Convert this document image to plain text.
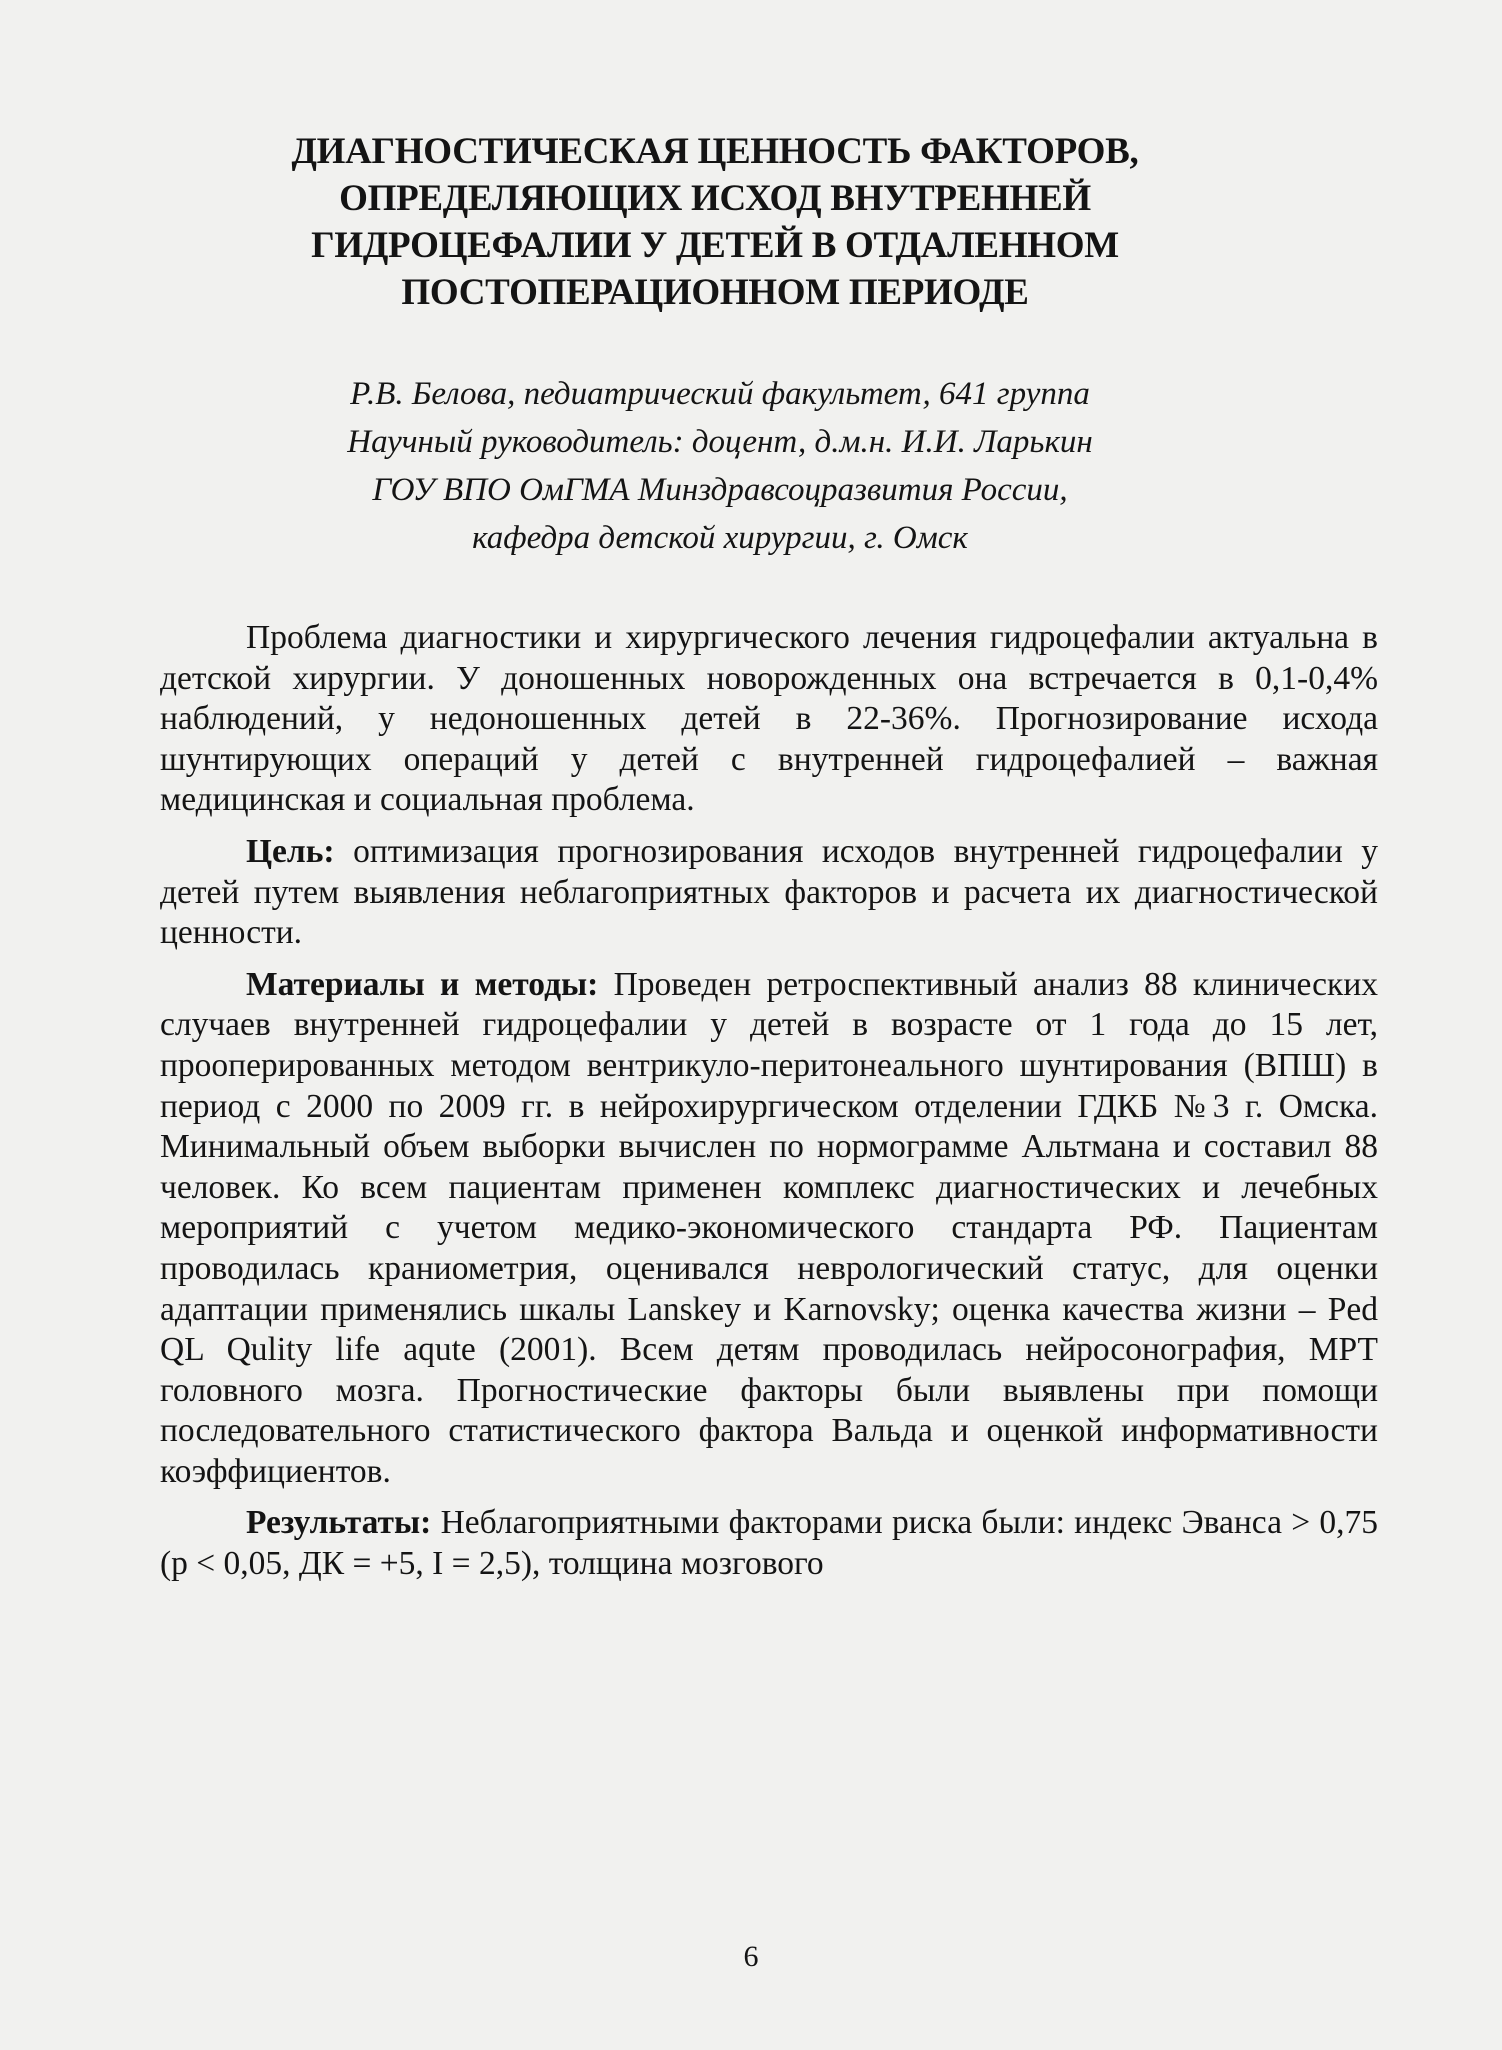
ДИАГНОСТИЧЕСКАЯ ЦЕННОСТЬ ФАКТОРОВ,
ОПРЕДЕЛЯЮЩИХ ИСХОД ВНУТРЕННЕЙ
ГИДРОЦЕФАЛИИ У ДЕТЕЙ В ОТДАЛЕННОМ
ПОСТОПЕРАЦИОННОМ ПЕРИОДЕ
Р.В. Белова, педиатрический факультет, 641 группа
Научный руководитель: доцент, д.м.н. И.И. Ларькин
ГОУ ВПО ОмГМА Минздравсоцразвития России,
кафедра детской хирургии, г. Омск

Проблема диагностики и хирургического лечения гидроцефалии актуальна в детской хирургии. У доношенных новорожденных она встречается в 0,1-0,4% наблюдений, у недоношенных детей в 22-36%. Прогнозирование исхода шунтирующих операций у детей с внутренней гидроцефалией – важная медицинская и социальная проблема.

Цель: оптимизация прогнозирования исходов внутренней гидроцефалии у детей путем выявления неблагоприятных факторов и расчета их диагностической ценности.

Материалы и методы: Проведен ретроспективный анализ 88 клинических случаев внутренней гидроцефалии у детей в возрасте от 1 года до 15 лет, прооперированных методом вентрикуло-перитонеального шунтирования (ВПШ) в период с 2000 по 2009 гг. в нейрохирургическом отделении ГДКБ №3 г. Омска. Минимальный объем выборки вычислен по нормограмме Альтмана и составил 88 человек. Ко всем пациентам применен комплекс диагностических и лечебных мероприятий с учетом медико-экономического стандарта РФ. Пациентам проводилась краниометрия, оценивался неврологический статус, для оценки адаптации применялись шкалы Lanskey и Karnovsky; оценка качества жизни – Ped QL Qulity life aqute (2001). Всем детям проводилась нейросонография, МРТ головного мозга. Прогностические факторы были выявлены при помощи последовательного статистического фактора Вальда и оценкой информативности коэффициентов.

Результаты: Неблагоприятными факторами риска были: индекс Эванса > 0,75 (p < 0,05, ДК = +5, I = 2,5), толщина мозгового

6
